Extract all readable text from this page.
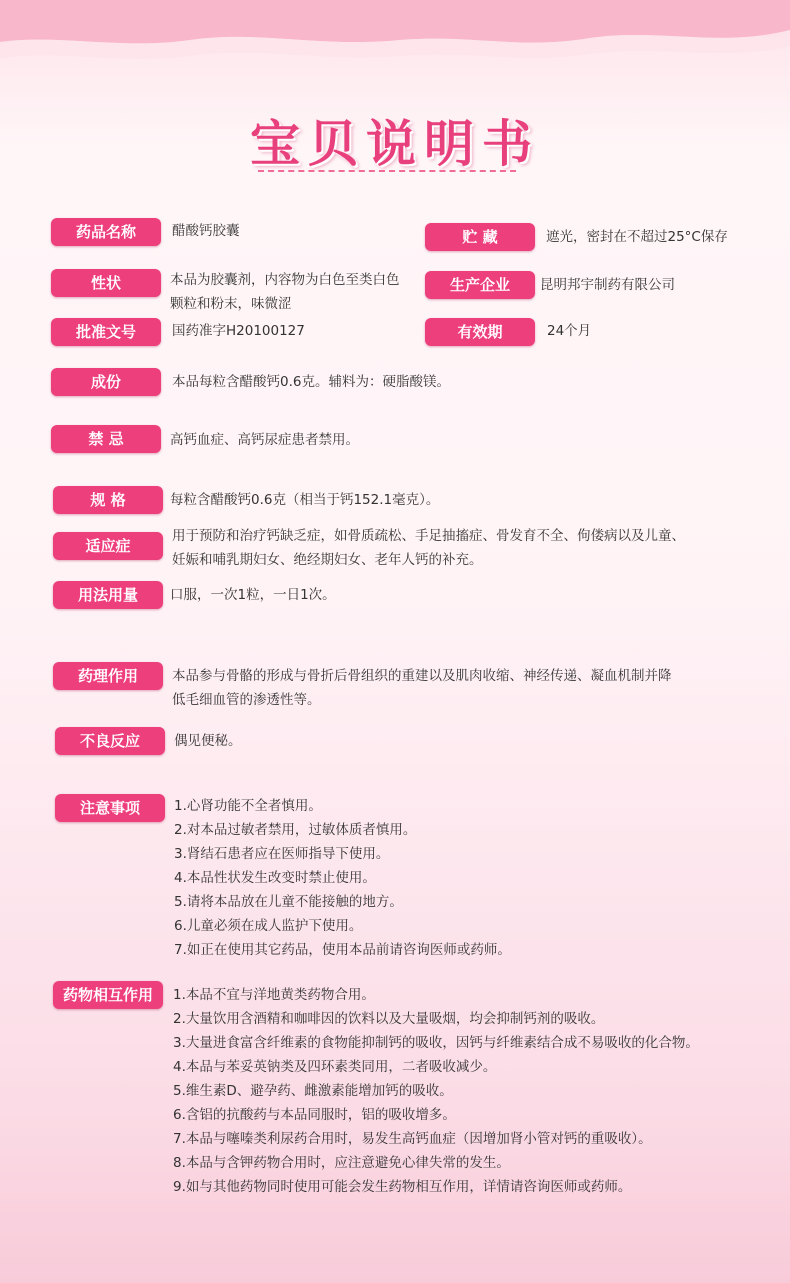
宝贝说明书
药品名称	醋酸钙胶囊
性状	本品为胶囊剂，内容物为白色至类白色
颗粒和粉末，味微涩
批准文号	国药准字H20100127
贮 藏	遮光，密封在不超过25°C保存
生产企业	昆明邦宇制药有限公司
有效期	24个月
成份	本品每粒含醋酸钙0.6克。辅料为：硬脂酸镁。
禁 忌	高钙血症、高钙尿症患者禁用。
规 格	每粒含醋酸钙0.6克（相当于钙152.1毫克）。
适应症
用于预防和治疗钙缺乏症，如骨质疏松、手足抽搐症、骨发育不全、佝偻病以及儿童、
妊娠和哺乳期妇女、绝经期妇女、老年人钙的补充。
用法用量	口服，一次1粒，一日1次。
药理作用	本品参与骨骼的形成与骨折后骨组织的重建以及肌肉收缩、神经传递、凝血机制并降
低毛细血管的渗透性等。
不良反应	偶见便秘。
注意事项	1.心肾功能不全者慎用。
2.对本品过敏者禁用，过敏体质者慎用。
3.肾结石患者应在医师指导下使用。
4.本品性状发生改变时禁止使用。
5.请将本品放在儿童不能接触的地方。
6.儿童必须在成人监护下使用。
7.如正在使用其它药品，使用本品前请咨询医师或药师。
药物相互作用	1.本品不宜与洋地黄类药物合用。
2.大量饮用含酒精和咖啡因的饮料以及大量吸烟，均会抑制钙剂的吸收。
3.大量进食富含纤维素的食物能抑制钙的吸收，因钙与纤维素结合成不易吸收的化合物。
4.本品与苯妥英钠类及四环素类同用，二者吸收减少。
5.维生素D、避孕药、雌激素能增加钙的吸收。
6.含铝的抗酸药与本品同服时，铝的吸收增多。
7.本品与噻嗪类利尿药合用时，易发生高钙血症（因增加肾小管对钙的重吸收）。
8.本品与含钾药物合用时，应注意避免心律失常的发生。
9.如与其他药物同时使用可能会发生药物相互作用，详情请咨询医师或药师。
